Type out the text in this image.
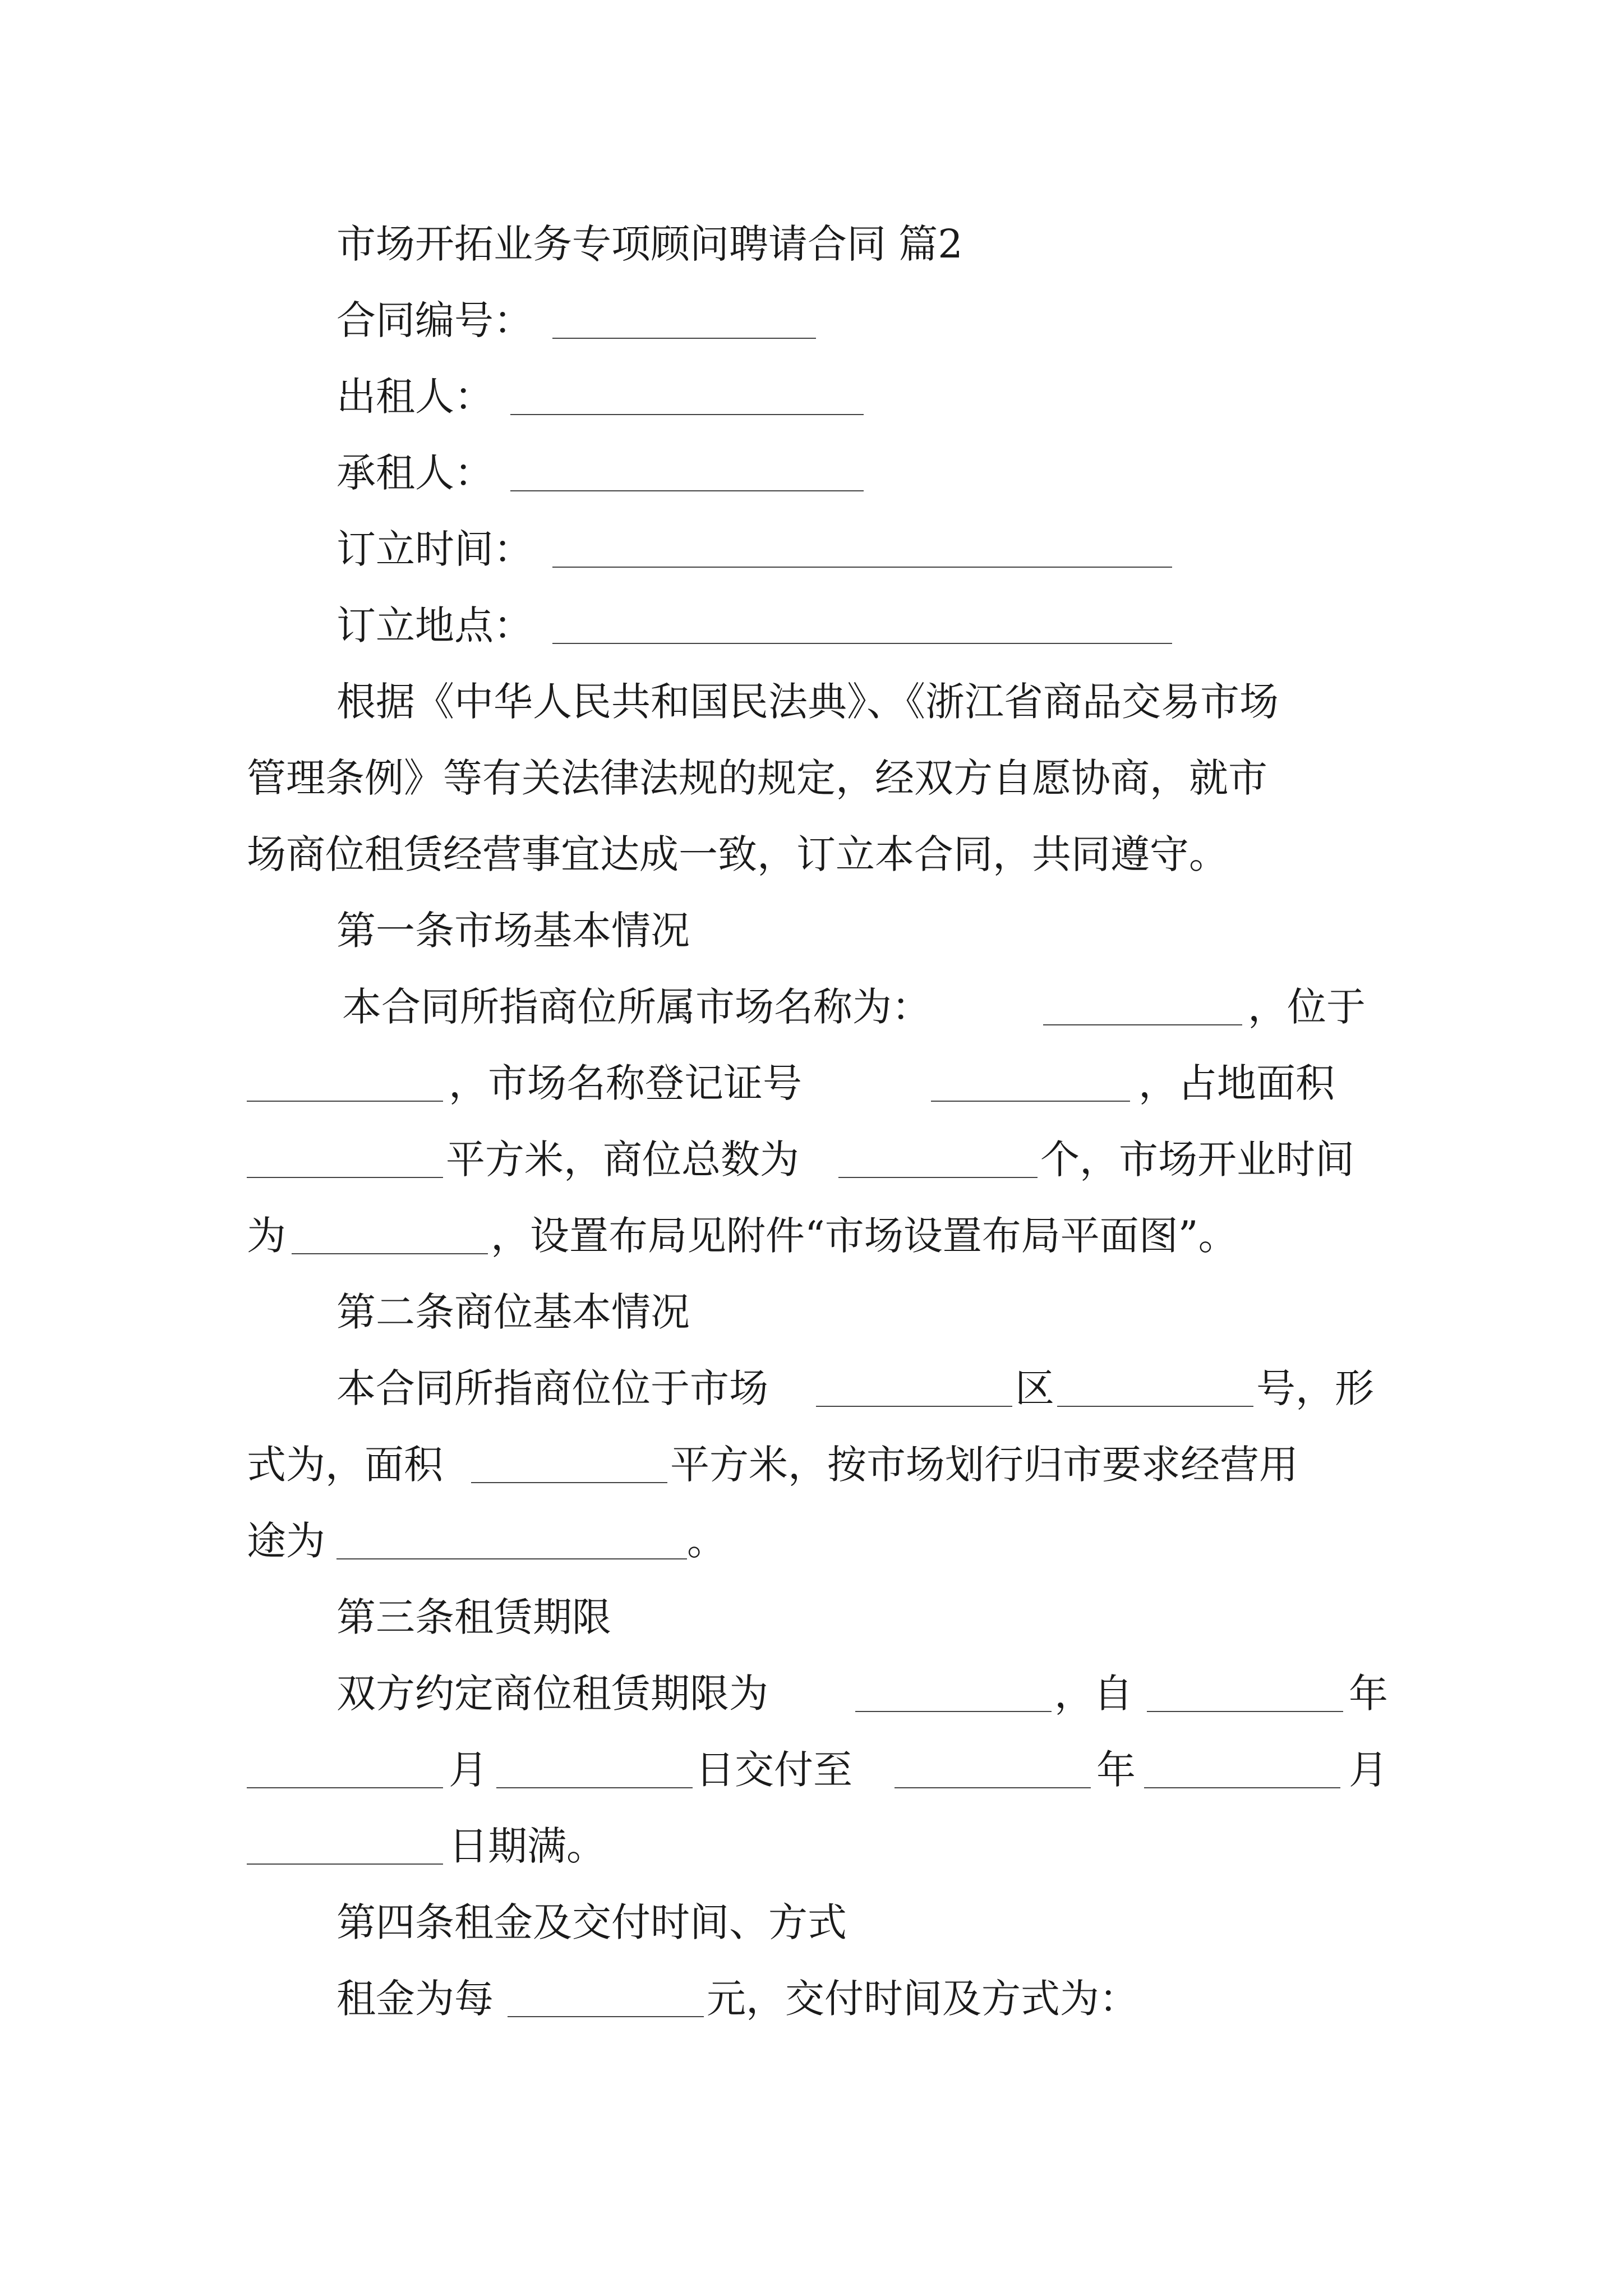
市场开拓业务专项顾问聘请合同 篇2
合同编号：
出租人：
承租人：
订立时间：
订立地点：
根据《中华人民共和国民法典》、《浙江省商品交易市场
管理条例》等有关法律法规的规定，经双方自愿协商，就市
场商位租赁经营事宜达成一致，订立本合同，共同遵守。
第一条市场基本情况
本合同所指商位所属市场名称为：	，位于
，市场名称登记证号	，占地面积
平方米，商位总数为	个，市场开业时间
为	，设置布局见附件“市场设置布局平面图”。
第二条商位基本情况
本合同所指商位位于市场	区	号，形
式为，面积	平方米，按市场划行归市要求经营用
途为	。
第三条租赁期限
双方约定商位租赁期限为	，自	年
月	日交付至	年	月
日期满。
第四条租金及交付时间、方式
租金为每	元，交付时间及方式为：
